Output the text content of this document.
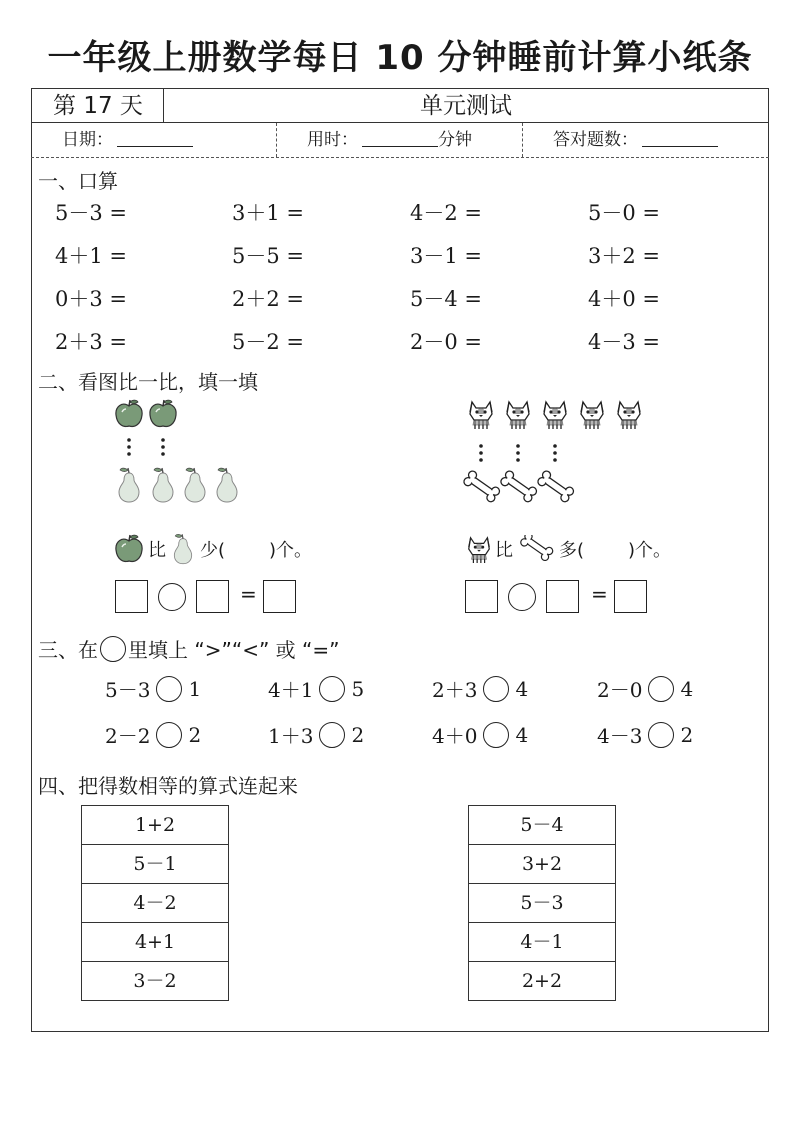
一年级上册数学每日 10 分钟睡前计算小纸条
第 17 天	单元测试
日期：	用时：	分钟	答对题数：
一、口算
5－3 =	3＋1 =	4－2 =	5－0 =
4＋1 =	5－5 =	3－1 =	3＋2 =
0＋3 =	2＋2 =	5－4 =	4＋0 =
2＋3 =	5－2 =	2－0 =	4－3 =
二、看图比一比，填一填
比 少( )个。	比	多( )个。
=	=
三、在 里填上 “>”“<” 或 “=”
5－3 1	4＋1 5	2＋3 4	2－0 4
2－2 2	1＋3 2	4＋0 4	4－3 2
四、把得数相等的算式连起来
1+2
5－1
4－2
4+1
3－2
5－4
3+2
5－3
4－1
2+2
